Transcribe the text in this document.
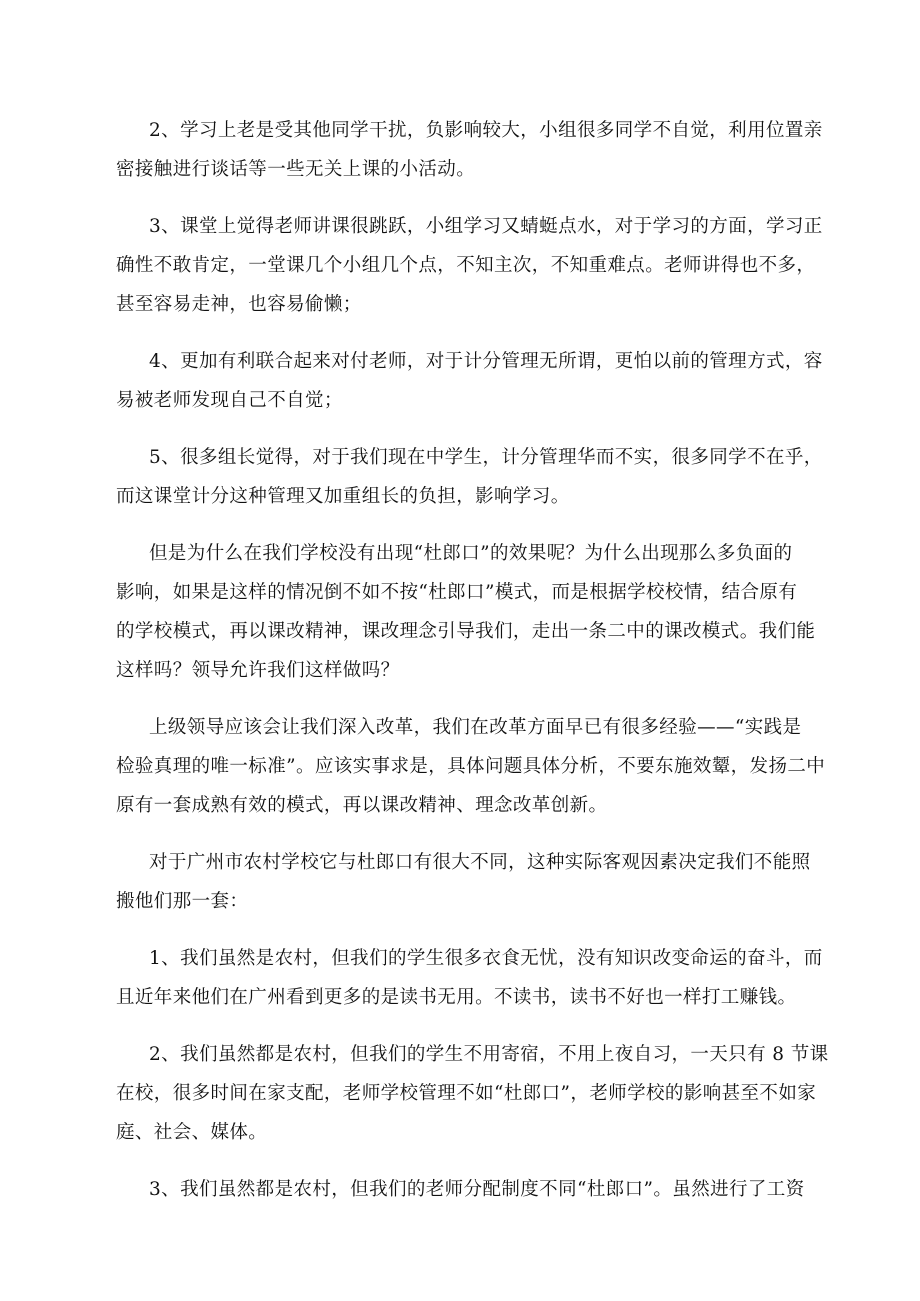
2、学习上老是受其他同学干扰，负影响较大，小组很多同学不自觉，利用位置亲
密接触进行谈话等一些无关上课的小活动。

3、课堂上觉得老师讲课很跳跃，小组学习又蜻蜓点水，对于学习的方面，学习正
确性不敢肯定，一堂课几个小组几个点，不知主次，不知重难点。老师讲得也不多，
甚至容易走神，也容易偷懒；

4、更加有利联合起来对付老师，对于计分管理无所谓，更怕以前的管理方式，容
易被老师发现自己不自觉；

5、很多组长觉得，对于我们现在中学生，计分管理华而不实，很多同学不在乎，
而这课堂计分这种管理又加重组长的负担，影响学习。

但是为什么在我们学校没有出现“杜郎口”的效果呢？为什么出现那么多负面的
影响，如果是这样的情况倒不如不按“杜郎口”模式，而是根据学校校情，结合原有
的学校模式，再以课改精神，课改理念引导我们，走出一条二中的课改模式。我们能
这样吗？领导允许我们这样做吗？

上级领导应该会让我们深入改革，我们在改革方面早已有很多经验——“实践是
检验真理的唯一标准”。应该实事求是，具体问题具体分析，不要东施效颦，发扬二中
原有一套成熟有效的模式，再以课改精神、理念改革创新。

对于广州市农村学校它与杜郎口有很大不同，这种实际客观因素决定我们不能照
搬他们那一套：

1、我们虽然是农村，但我们的学生很多衣食无忧，没有知识改变命运的奋斗，而
且近年来他们在广州看到更多的是读书无用。不读书，读书不好也一样打工赚钱。

2、我们虽然都是农村，但我们的学生不用寄宿，不用上夜自习，一天只有 8 节课
在校，很多时间在家支配，老师学校管理不如“杜郎口”，老师学校的影响甚至不如家
庭、社会、媒体。

3、我们虽然都是农村，但我们的老师分配制度不同“杜郎口”。虽然进行了工资
